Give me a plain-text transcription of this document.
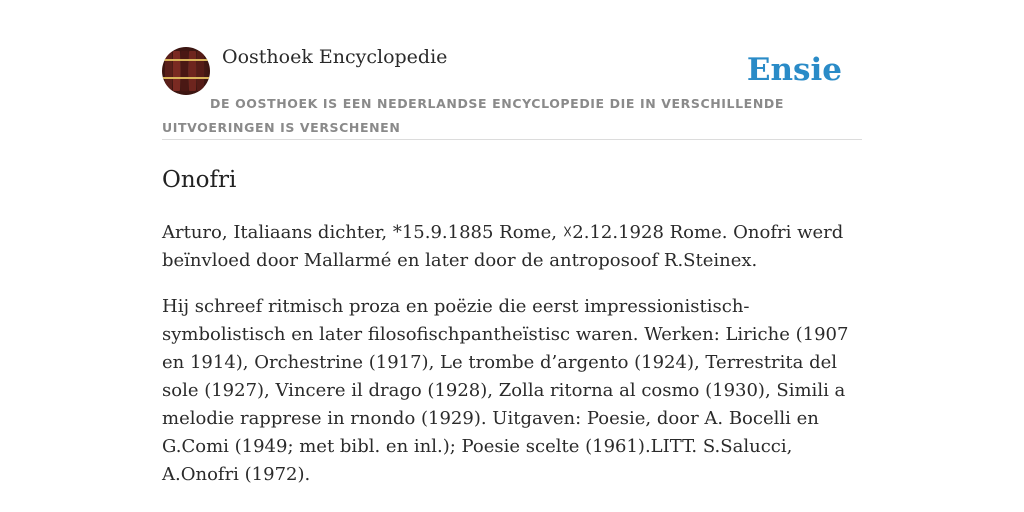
Oosthoek Encyclopedie	Ensie
DE OOSTHOEK IS EEN NEDERLANDSE ENCYCLOPEDIE DIE IN VERSCHILLENDE UITVOERINGEN IS VERSCHENEN
Onofri

Arturo, Italiaans dichter, *15.9.1885 Rome, ☓2.12.1928 Rome. Onofri werd beïnvloed door Mallarmé en later door de antroposoof R.Steinex.

Hij schreef ritmisch proza en poëzie die eerst impressionistisch-symbolistisch en later filosofischpantheïstisc waren. Werken: Liriche (1907 en 1914), Orchestrine (1917), Le trombe d’argento (1924), Terrestrita del sole (1927), Vincere il drago (1928), Zolla ritorna al cosmo (1930), Simili a melodie rapprese in rnondo (1929). Uitgaven: Poesie, door A. Bocelli en G.Comi (1949; met bibl. en inl.); Poesie scelte (1961).LITT. S.Salucci, A.Onofri (1972).
